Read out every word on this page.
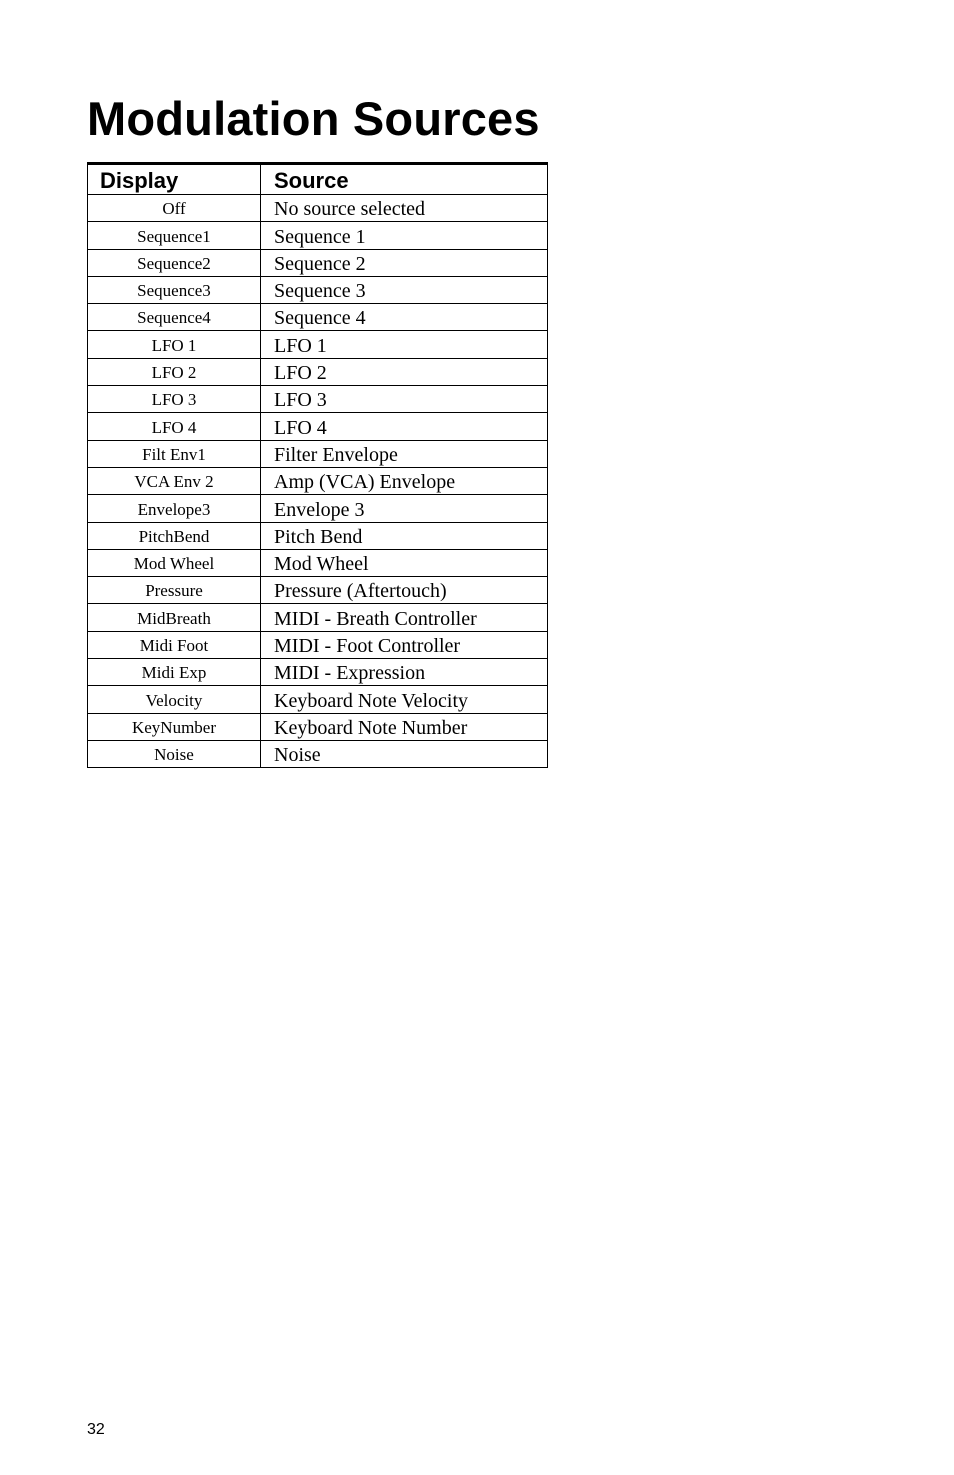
Modulation Sources
Display	Source
Off	No source selected
Sequence1	Sequence 1
Sequence2	Sequence 2
Sequence3	Sequence 3
Sequence4	Sequence 4
LFO 1	LFO 1
LFO 2	LFO 2
LFO 3	LFO 3
LFO 4	LFO 4
Filt Env1	Filter Envelope
VCA Env 2	Amp (VCA) Envelope
Envelope3	Envelope 3
PitchBend	Pitch Bend
Mod Wheel	Mod Wheel
Pressure	Pressure (Aftertouch)
MidBreath	MIDI - Breath Controller
Midi Foot	MIDI - Foot Controller
Midi Exp	MIDI - Expression
Velocity	Keyboard Note Velocity
KeyNumber	Keyboard Note Number
Noise	Noise
32
